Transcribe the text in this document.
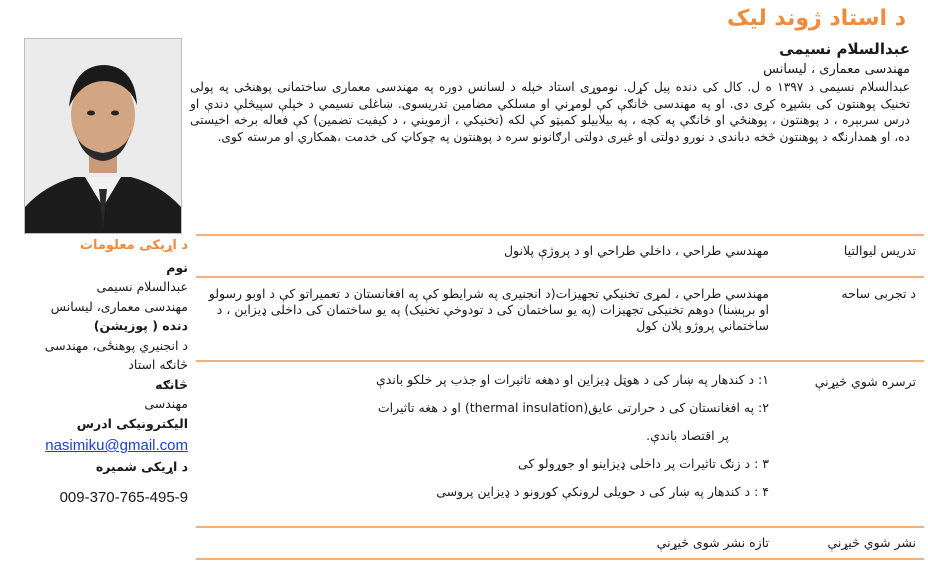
د استاد ژوند لیک
عبدالسلام نسیمی
مهندسی معماری ، لیسانس
عبدالسلام نسیمی د ۱۳۹۷ ه ل. کال کی دنده پیل کړل. نوموړی استاد خپله د لسانس دوره په مهندسی معماری ساختمانی پوهنځی په پولی تخنیک پوهنتون کی بشپړه کړی دی. او په مهندسی څانګې کې لومړني او مسلکي مضامین تدریسوی. ښاغلی نسیمي د خپلې سپیڅلې دندې او درس سربېره ، د پوهنتون ، پوهنځي او څانګې په کچه ، په بیلابیلو کمیټو کې لکه (تخنیکي ، ازمویني ، د کیفیت تضمین) کې فعاله برخه اخیستی ده، او همدارنګه د پوهنتون څخه دباندی د نورو دولتی او غیری دولتی ارګانونو سره د پوهنتون په چوکاټ کی خدمت ،همکاري او مرسته کوی.
د اړیکی معلومات
نوم
عبدالسلام نسیمی
مهندسی معماری، لیسانس
دنده ( پوزیشن)
د انجنیري پوهنځی، مهندسی
څانګه استاد
څانګه
مهندسی
الیکترونیکی ادرس
nasimiku@gmail.com
د اړیکی شمیره
009-370-765-495-9
تدریس لیوالتیا
مهندسي طراحي ، داخلي طراحي او د پروژې پلانول
د تجربی ساحه
مهندسي طراحي ، لمړی تخنیکي تجهیزات(د انجنیری په شرایطو کې په افغانستان د تعمیراتو کې د اوبو رسولو او برېښنا) دوهم تخنیکی تجهیزات (په یو ساختمان کی د تودوخې تخنیک) په یو ساختمان کی داخلی ډیزاین ، د ساختماني پروژو پلان کول
ترسره شوي څیړنې
۱: د کندهار په ښار کی د هوټل ډیزاین او دهغه تاثیرات او جذب پر خلکو باندې
۲: په افغانستان کی د حرارتی عایق(thermal insulation) او د هغه تاثیرات
پر اقتصاد باندې.
۳ : د زنګ تاثیرات پر داخلی ډیزاینو او جوړولو کی
۴ : د کندهار په ښار کی د حویلی لرونکې کورونو د ډیزاین پروسی
نشر شوي څیړنې
تازه نشر شوی څیړنې
